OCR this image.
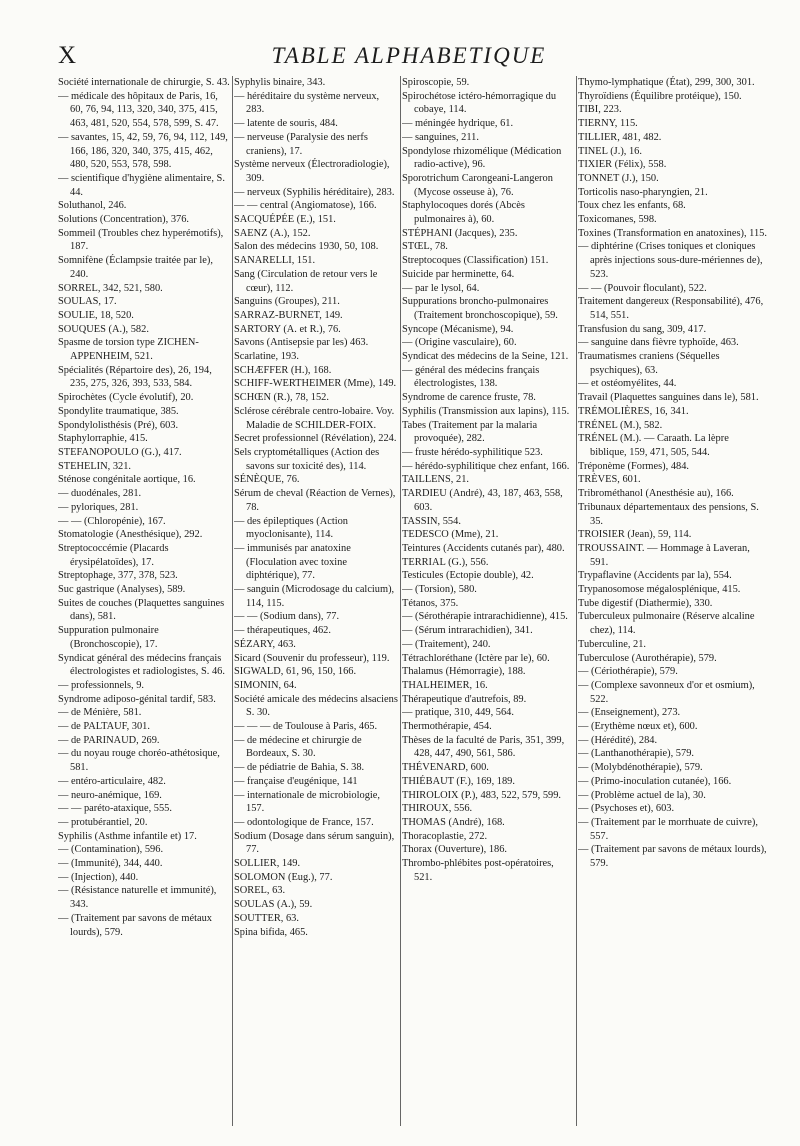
X	TABLE ALPHABETIQUE

Société internationale de chirurgie, S. 43.

— médicale des hôpitaux de Paris, 16, 60, 76, 94, 113, 320, 340, 375, 415, 463, 481, 520, 554, 578, 599, S. 47.

— savantes, 15, 42, 59, 76, 94, 112, 149, 166, 186, 320, 340, 375, 415, 462, 480, 520, 553, 578, 598.

— scientifique d'hygiène alimentaire, S. 44.

Soluthanol, 246.

Solutions (Concentration), 376.

Sommeil (Troubles chez hyperémotifs), 187.

Somnifène (Éclampsie traitée par le), 240.

SORREL, 342, 521, 580.

SOULAS, 17.

SOULIE, 18, 520.

SOUQUES (A.), 582.

Spasme de torsion type ZICHEN-APPENHEIM, 521.

Spécialités (Répartoire des), 26, 194, 235, 275, 326, 393, 533, 584.

Spirochètes (Cycle évolutif), 20.

Spondylite traumatique, 385.

Spondylolisthésis (Pré), 603.

Staphylorraphie, 415.

STEFANOPOULO (G.), 417.

STEHELIN, 321.

Sténose congénitale aortique, 16.

— duodénales, 281.

— pyloriques, 281.

— — (Chloropénie), 167.

Stomatologie (Anesthésique), 292.

Streptococcémie (Placards érysipélatoïdes), 17.

Streptophage, 377, 378, 523.

Suc gastrique (Analyses), 589.

Suites de couches (Plaquettes sanguines dans), 581.

Suppuration pulmonaire (Bronchoscopie), 17.

Syndicat général des médecins français électrologistes et radiologistes, S. 46.

— professionnels, 9.

Syndrome adiposo-génital tardif, 583.

— de Ménière, 581.

— de PALTAUF, 301.

— de PARINAUD, 269.

— du noyau rouge choréo-athétosique, 581.

— entéro-articulaire, 482.

— neuro-anémique, 169.

— — paréto-ataxique, 555.

— protubérantiel, 20.

Syphilis (Asthme infantile et) 17.

— (Contamination), 596.

— (Immunité), 344, 440.

— (Injection), 440.

— (Résistance naturelle et immunité), 343.

— (Traitement par savons de métaux lourds), 579.

Syphylis binaire, 343.

— héréditaire du système nerveux, 283.

— latente de souris, 484.

— nerveuse (Paralysie des nerfs craniens), 17.

Système nerveux (Électroradiologie), 309.

— nerveux (Syphilis héréditaire), 283.

— — central (Angiomatose), 166.

SACQUÉPÉE (E.), 151.

SAENZ (A.), 152.

Salon des médecins 1930, 50, 108.

SANARELLI, 151.

Sang (Circulation de retour vers le cœur), 112.

Sanguins (Groupes), 211.

SARRAZ-BURNET, 149.

SARTORY (A. et R.), 76.

Savons (Antisepsie par les) 463.

Scarlatine, 193.

SCHÆFFER (H.), 168.

SCHIFF-WERTHEIMER (Mme), 149.

SCHŒN (R.), 78, 152.

Sclérose cérébrale centro-lobaire. Voy. Maladie de SCHILDER-FOIX.

Secret professionnel (Révélation), 224.

Sels cryptométalliques (Action des savons sur toxicité des), 114.

SÉNÈQUE, 76.

Sérum de cheval (Réaction de Vernes), 78.

— des épileptiques (Action myoclonisante), 114.

— immunisés par anatoxine (Floculation avec toxine diphtérique), 77.

— sanguin (Microdosage du calcium), 114, 115.

— — (Sodium dans), 77.

— thérapeutiques, 462.

SÉZARY, 463.

Sicard (Souvenir du professeur), 119.

SIGWALD, 61, 96, 150, 166.

SIMONIN, 64.

Société amicale des médecins alsaciens S. 30.

— — — de Toulouse à Paris, 465.

— de médecine et chirurgie de Bordeaux, S. 30.

— de pédiatrie de Bahia, S. 38.

— française d'eugénique, 141

— internationale de microbiologie, 157.

— odontologique de France, 157.

Sodium (Dosage dans sérum sanguin), 77.

SOLLIER, 149.

SOLOMON (Eug.), 77.

SOREL, 63.

SOULAS (A.), 59.

SOUTTER, 63.

Spina bifida, 465.

Spiroscopie, 59.

Spirochétose ictéro-hémorragique du cobaye, 114.

— méningée hydrique, 61.

— sanguines, 211.

Spondylose rhizomélique (Médication radio-active), 96.

Sporotrichum Carongeani-Langeron (Mycose osseuse à), 76.

Staphylocoques dorés (Abcès pulmonaires à), 60.

STÉPHANI (Jacques), 235.

STŒL, 78.

Streptocoques (Classification) 151.

Suicide par herminette, 64.

— par le lysol, 64.

Suppurations broncho-pulmonaires (Traitement bronchoscopique), 59.

Syncope (Mécanisme), 94.

— (Origine vasculaire), 60.

Syndicat des médecins de la Seine, 121.

— général des médecins français électrologistes, 138.

Syndrome de carence fruste, 78.

Syphilis (Transmission aux lapins), 115.

Tabes (Traitement par la malaria provoquée), 282.

— fruste hérédo-syphilitique 523.

— hérédo-syphilitique chez enfant, 166.

TAILLENS, 21.

TARDIEU (André), 43, 187, 463, 558, 603.

TASSIN, 554.

TEDESCO (Mme), 21.

Teintures (Accidents cutanés par), 480.

TERRIAL (G.), 556.

Testicules (Ectopie double), 42.

— (Torsion), 580.

Tétanos, 375.

— (Sérothérapie intrarachidienne), 415.

— (Sérum intrarachidien), 341.

— (Traitement), 240.

Tétrachloréthane (Ictère par le), 60.

Thalamus (Hémorragie), 188.

THALHEIMER, 16.

Thérapeutique d'autrefois, 89.

— pratique, 310, 449, 564.

Thermothérapie, 454.

Thèses de la faculté de Paris, 351, 399, 428, 447, 490, 561, 586.

THÉVENARD, 600.

THIÉBAUT (F.), 169, 189.

THIROLOIX (P.), 483, 522, 579, 599.

THIROUX, 556.

THOMAS (André), 168.

Thoracoplastie, 272.

Thorax (Ouverture), 186.

Thrombo-phlébites post-opératoires, 521.

Thymo-lymphatique (État), 299, 300, 301.

Thyroïdiens (Équilibre protéique), 150.

TIBI, 223.

TIERNY, 115.

TILLIER, 481, 482.

TINEL (J.), 16.

TIXIER (Félix), 558.

TONNET (J.), 150.

Torticolis naso-pharyngien, 21.

Toux chez les enfants, 68.

Toxicomanes, 598.

Toxines (Transformation en anatoxines), 115.

— diphtérine (Crises toniques et cloniques après injections sous-dure-mériennes de), 523.

— — (Pouvoir floculant), 522.

Traitement dangereux (Responsabilité), 476, 514, 551.

Transfusion du sang, 309, 417.

— sanguine dans fièvre typhoïde, 463.

Traumatismes craniens (Séquelles psychiques), 63.

— et ostéomyélites, 44.

Travail (Plaquettes sanguines dans le), 581.

TRÉMOLIÈRES, 16, 341.

TRÉNEL (M.), 582.

TRÉNEL (M.). — Caraath. La lèpre biblique, 159, 471, 505, 544.

Tréponème (Formes), 484.

TRÈVES, 601.

Tribrométhanol (Anesthésie au), 166.

Tribunaux départementaux des pensions, S. 35.

TROISIER (Jean), 59, 114.

TROUSSAINT. — Hommage à Laveran, 591.

Trypaflavine (Accidents par la), 554.

Trypanosomose mégalosplénique, 415.

Tube digestif (Diathermie), 330.

Tuberculeux pulmonaire (Réserve alcaline chez), 114.

Tuberculine, 21.

Tuberculose (Aurothérapie), 579.

— (Cériothérapie), 579.

— (Complexe savonneux d'or et osmium), 522.

— (Enseignement), 273.

— (Erythème nœux et), 600.

— (Hérédité), 284.

— (Lanthanothérapie), 579.

— (Molybdénothérapie), 579.

— (Primo-inoculation cutanée), 166.

— (Problème actuel de la), 30.

— (Psychoses et), 603.

— (Traitement par le morrhuate de cuivre), 557.

— (Traitement par savons de métaux lourds), 579.
